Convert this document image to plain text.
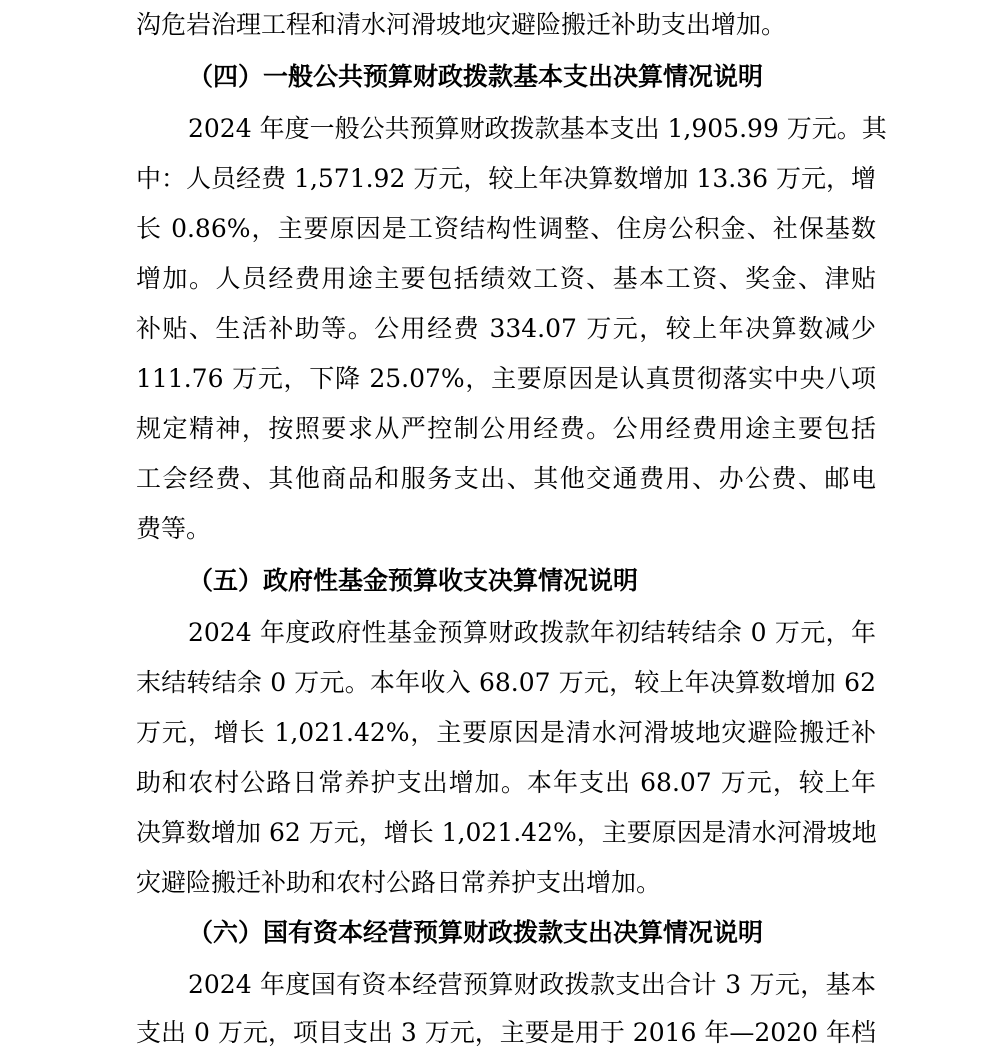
沟危岩治理工程和清水河滑坡地灾避险搬迁补助支出增加。
（四）一般公共预算财政拨款基本支出决算情况说明
2024 年度一般公共预算财政拨款基本支出 1,905.99 万元。其
中：人员经费 1,571.92 万元，较上年决算数增加 13.36 万元，增
长 0.86%，主要原因是工资结构性调整、住房公积金、社保基数
增加。人员经费用途主要包括绩效工资、基本工资、奖金、津贴
补贴、生活补助等。公用经费 334.07 万元，较上年决算数减少
111.76 万元，下降 25.07%，主要原因是认真贯彻落实中央八项
规定精神，按照要求从严控制公用经费。公用经费用途主要包括
工会经费、其他商品和服务支出、其他交通费用、办公费、邮电
费等。
（五）政府性基金预算收支决算情况说明
2024 年度政府性基金预算财政拨款年初结转结余 0 万元，年
末结转结余 0 万元。本年收入 68.07 万元，较上年决算数增加 62
万元，增长 1,021.42%，主要原因是清水河滑坡地灾避险搬迁补
助和农村公路日常养护支出增加。本年支出 68.07 万元，较上年
决算数增加 62 万元，增长 1,021.42%，主要原因是清水河滑坡地
灾避险搬迁补助和农村公路日常养护支出增加。
（六）国有资本经营预算财政拨款支出决算情况说明
2024 年度国有资本经营预算财政拨款支出合计 3 万元，基本
支出 0 万元，项目支出 3 万元，主要是用于 2016 年—2020 年档
